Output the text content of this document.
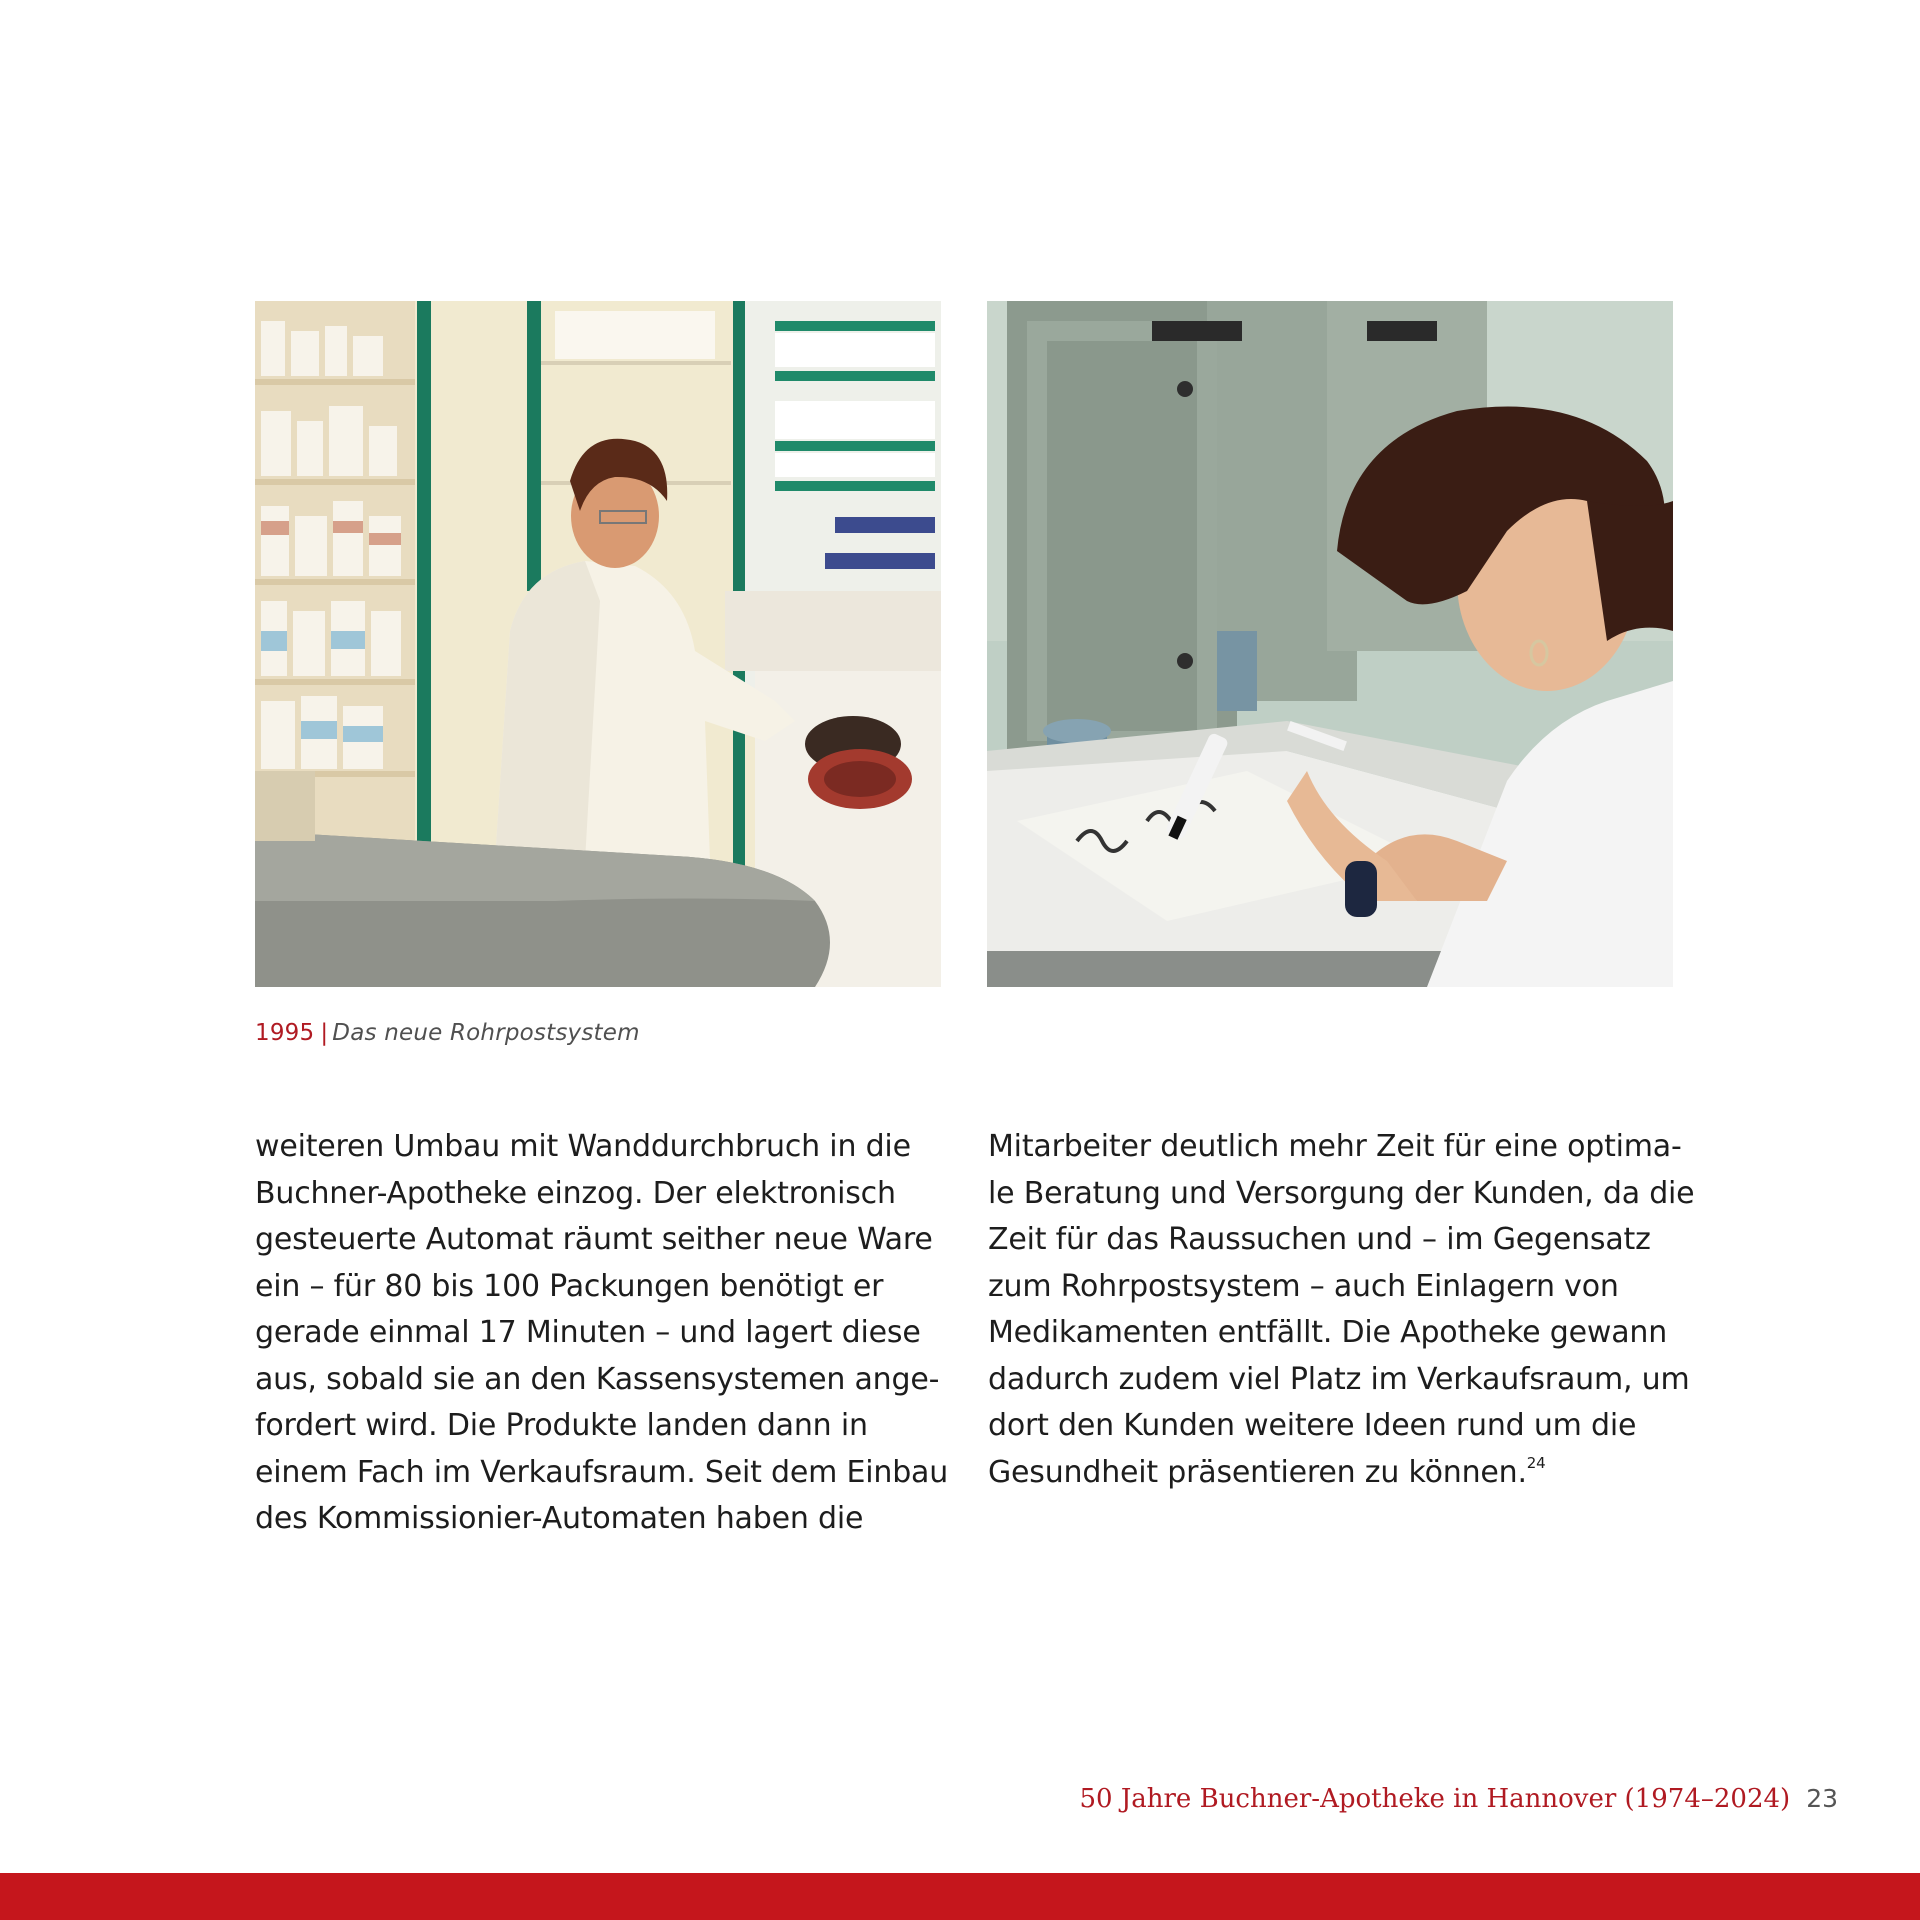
1995 | Das neue Rohrpostsystem
weiteren Umbau mit Wanddurchbruch in die
Buchner-Apotheke einzog. Der elektronisch
gesteuerte Automat räumt seither neue Ware
ein – für 80 bis 100 Packungen benötigt er
gerade einmal 17 Minuten – und lagert diese
aus, sobald sie an den Kassensystemen ange-
fordert wird. Die Produkte landen dann in
einem Fach im Verkaufsraum. Seit dem Einbau
des Kommissionier-Automaten haben die
Mitarbeiter deutlich mehr Zeit für eine optima-
le Beratung und Versorgung der Kunden, da die
Zeit für das Raussuchen und – im Gegensatz
zum Rohrpostsystem – auch Einlagern von
Medikamenten entfällt. Die Apotheke gewann
dadurch zudem viel Platz im Verkaufsraum, um
dort den Kunden weitere Ideen rund um die
Gesundheit präsentieren zu können.$^{24}$
50 Jahre Buchner-Apotheke in Hannover (1974–2024) 23
